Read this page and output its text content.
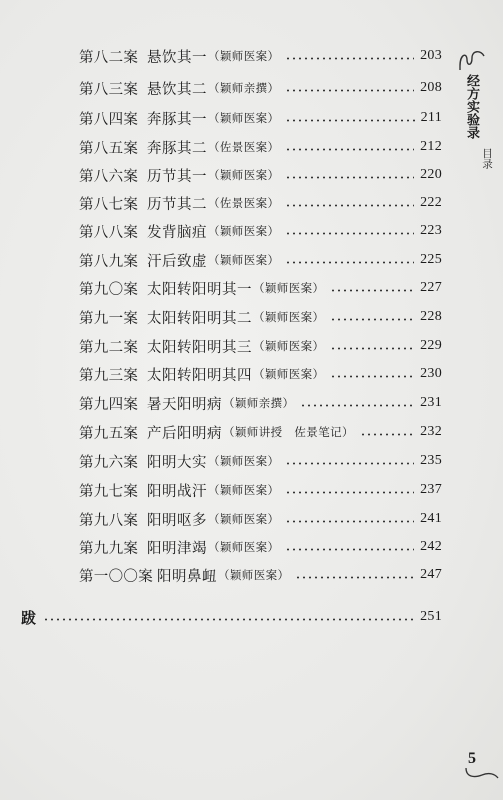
第八二案 悬饮其一 （颖师医案）	203
第八三案 悬饮其二 （颖师亲撰）	208
第八四案 奔豚其一 （颖师医案）	211
第八五案 奔豚其二 （佐景医案）	212
第八六案 历节其一 （颖师医案）	220
第八七案 历节其二 （佐景医案）	222
第八八案 发背脑疽 （颖师医案）	223
第八九案 汗后致虚 （颖师医案）	225
第九〇案 太阳转阳明其一 （颖师医案）	227
第九一案 太阳转阳明其二 （颖师医案）	228
第九二案 太阳转阳明其三 （颖师医案）	229
第九三案 太阳转阳明其四 （颖师医案）	230
第九四案 暑天阳明病 （颖师亲撰）	231
第九五案 产后阳明病 （颖师讲授　佐景笔记）	232
第九六案 阳明大实 （颖师医案）	235
第九七案 阳明战汗 （颖师医案）	237
第九八案 阳明呕多 （颖师医案）	241
第九九案 阳明津竭 （颖师医案）	242
第一〇〇案 阳明鼻衄 （颖师医案）	247
跋	251
经方实验录
目录
5
